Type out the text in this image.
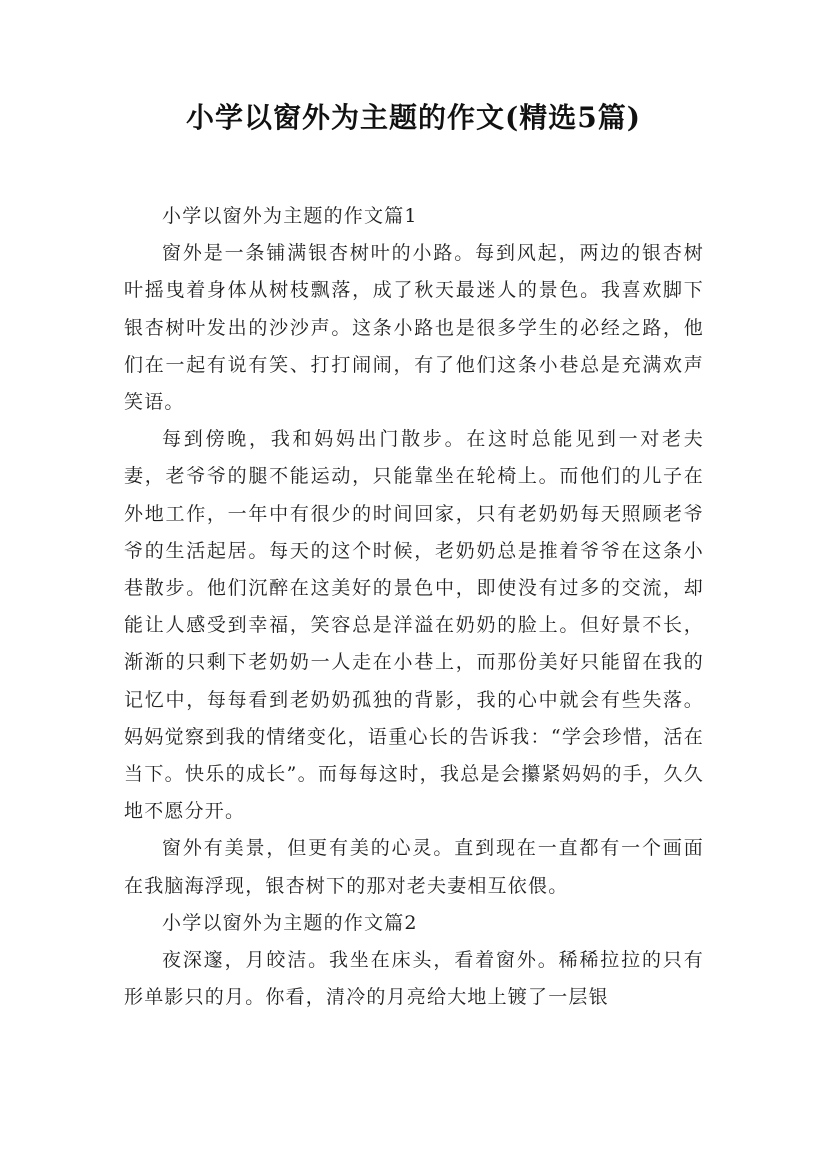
小学以窗外为主题的作文(精选5篇)

小学以窗外为主题的作文篇1

窗外是一条铺满银杏树叶的小路。每到风起，两边的银杏树叶摇曳着身体从树枝飘落，成了秋天最迷人的景色。我喜欢脚下银杏树叶发出的沙沙声。这条小路也是很多学生的必经之路，他们在一起有说有笑、打打闹闹，有了他们这条小巷总是充满欢声笑语。

每到傍晚，我和妈妈出门散步。在这时总能见到一对老夫妻，老爷爷的腿不能运动，只能靠坐在轮椅上。而他们的儿子在外地工作，一年中有很少的时间回家，只有老奶奶每天照顾老爷爷的生活起居。每天的这个时候，老奶奶总是推着爷爷在这条小巷散步。他们沉醉在这美好的景色中，即使没有过多的交流，却能让人感受到幸福，笑容总是洋溢在奶奶的脸上。但好景不长，渐渐的只剩下老奶奶一人走在小巷上，而那份美好只能留在我的记忆中，每每看到老奶奶孤独的背影，我的心中就会有些失落。妈妈觉察到我的情绪变化，语重心长的告诉我：“学会珍惜，活在当下。快乐的成长”。而每每这时，我总是会攥紧妈妈的手，久久地不愿分开。

窗外有美景，但更有美的心灵。直到现在一直都有一个画面在我脑海浮现，银杏树下的那对老夫妻相互依偎。

小学以窗外为主题的作文篇2

夜深邃，月皎洁。我坐在床头，看着窗外。稀稀拉拉的只有形单影只的月。你看，清冷的月亮给大地上镀了一层银
